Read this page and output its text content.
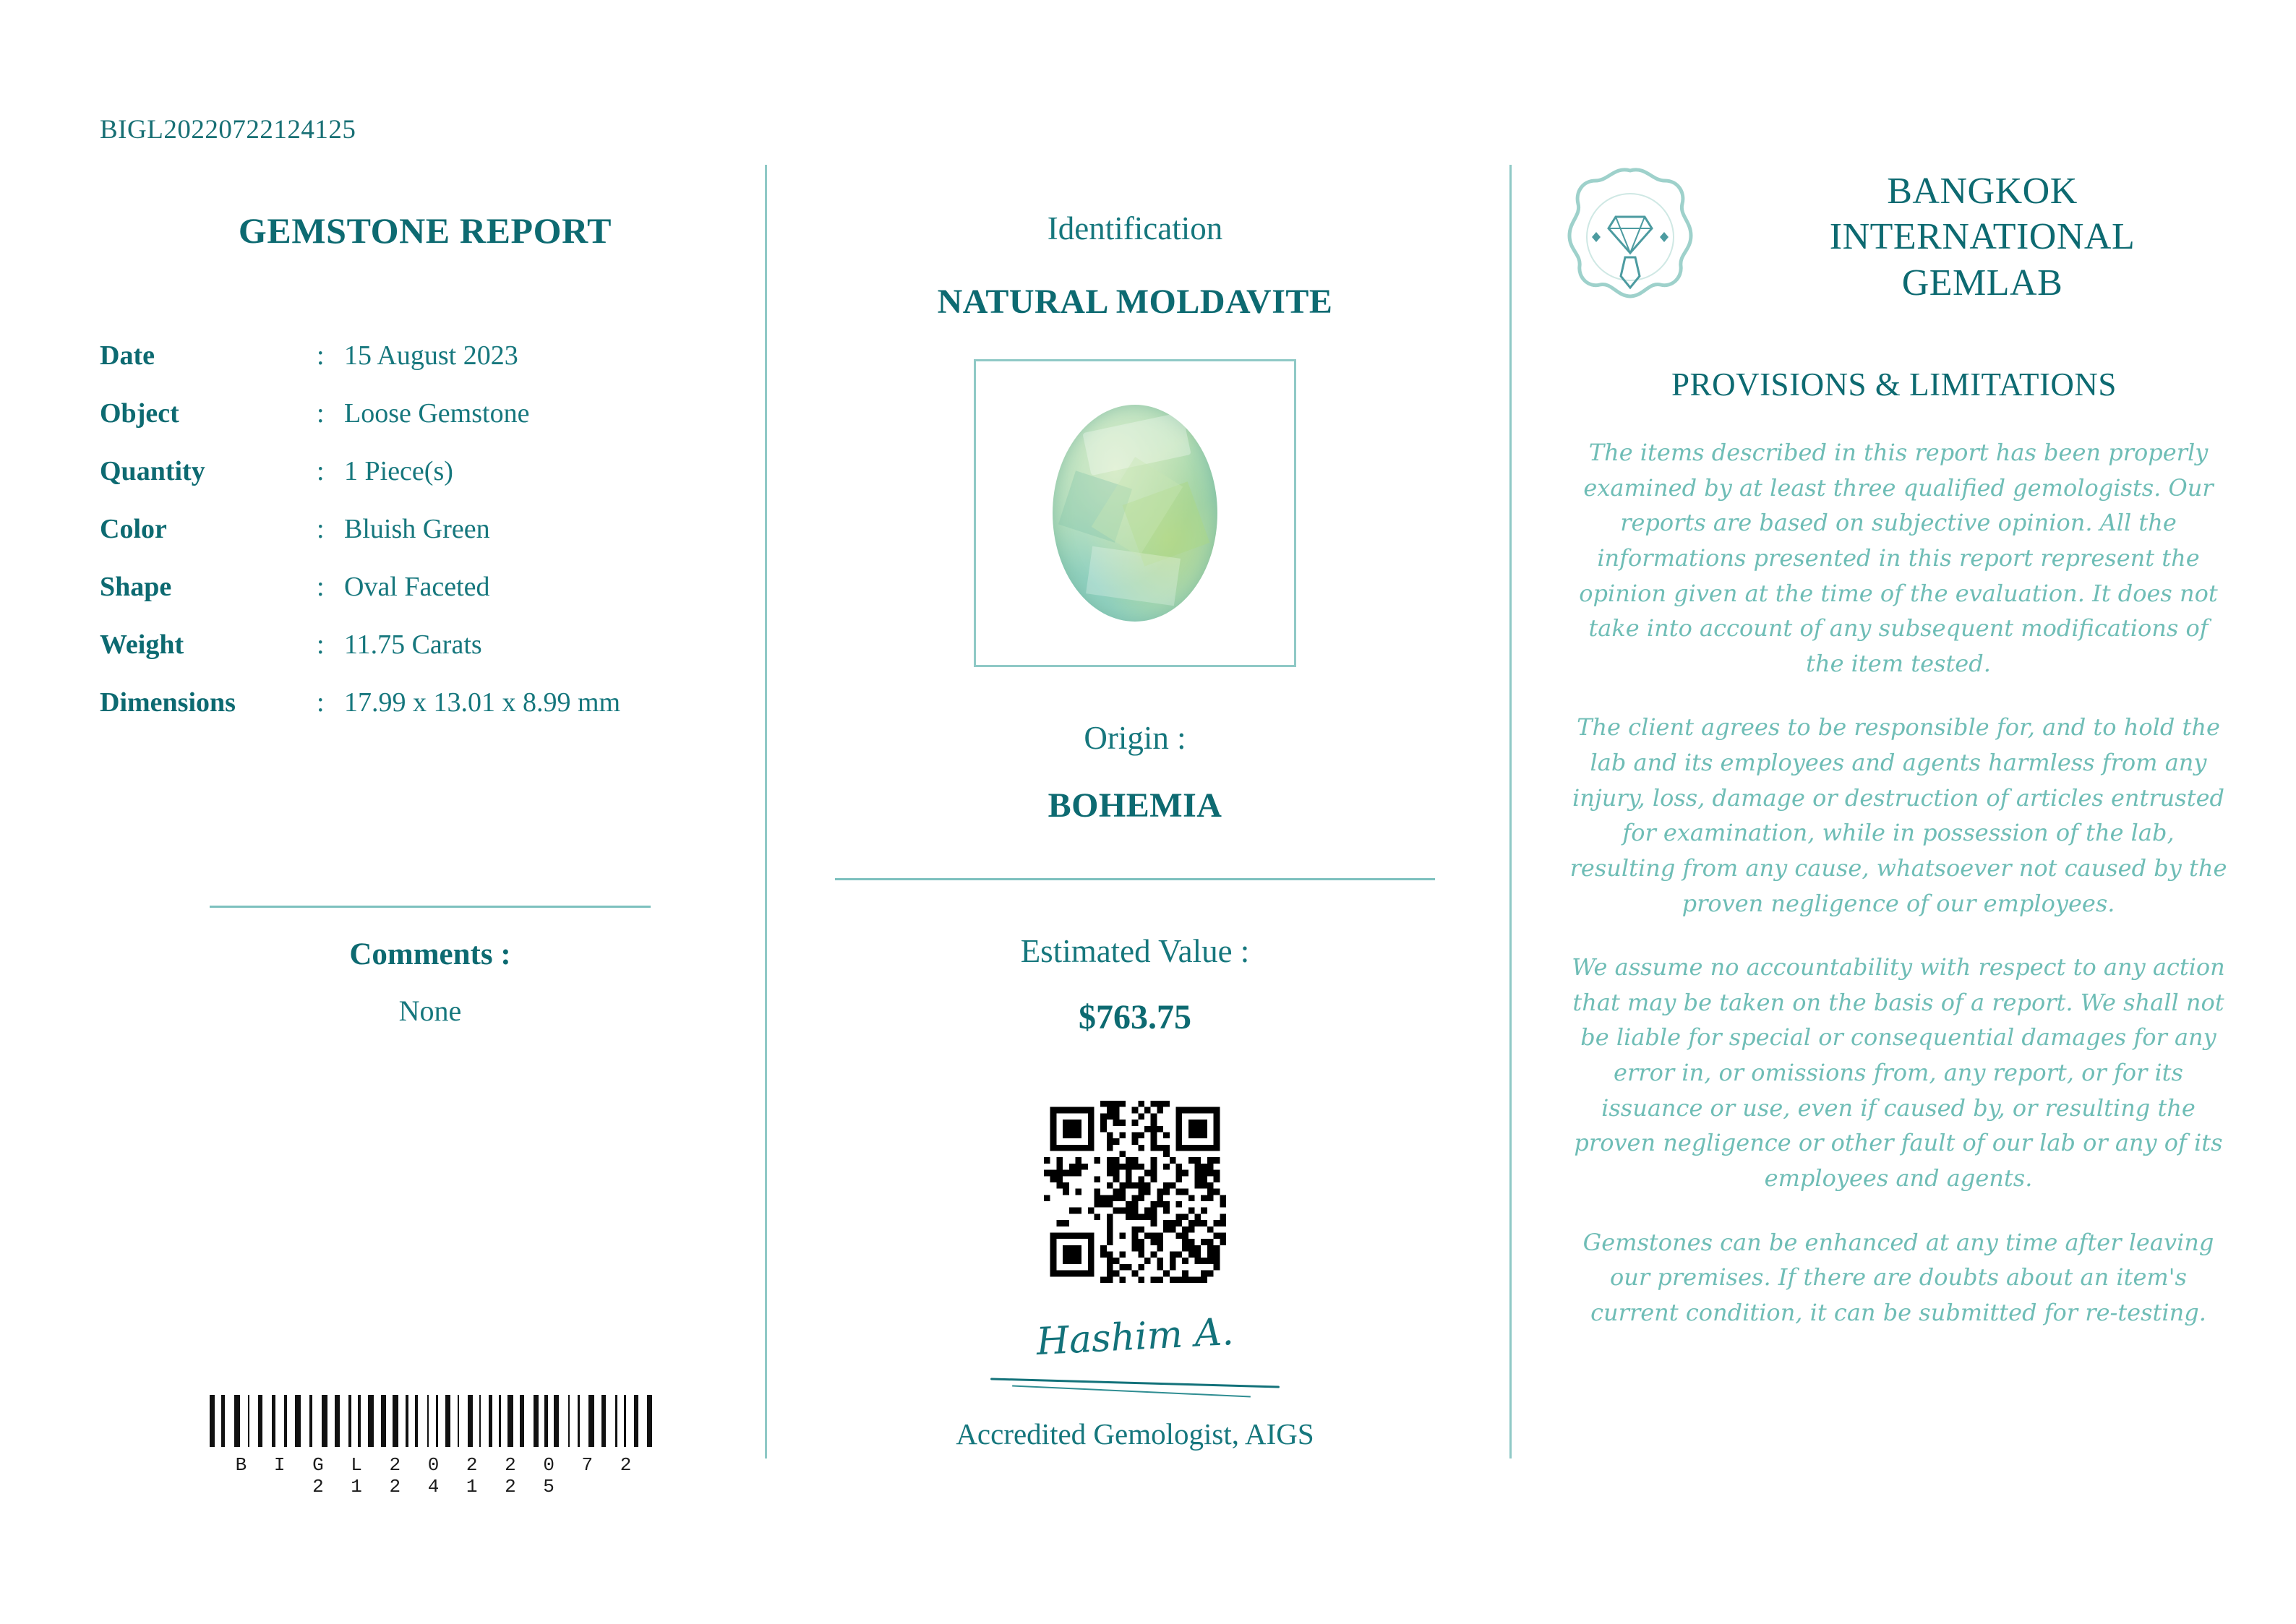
BIGL20220722124125
GEMSTONE REPORT
Date	: 15 August 2023
Object	: Loose Gemstone
Quantity	: 1 Piece(s)
Color	: Bluish Green
Shape	: Oval Faceted
Weight	: 11.75 Carats
Dimensions	: 17.99 x 13.01 x 8.99 mm
Comments :
None
B I G L 2 0 2 2 0 7 2 2 1 2 4 1 2 5
Identification
NATURAL MOLDAVITE
Origin :
BOHEMIA
Estimated Value :
$763.75
Hashim A.
Accredited Gemologist, AIGS
BANGKOK
INTERNATIONAL
GEMLAB
PROVISIONS & LIMITATIONS

The items described in this report has been properly examined by at least three qualified gemologists. Our reports are based on subjective opinion. All the informations presented in this report represent the opinion given at the time of the evaluation. It does not take into account of any subsequent modifications of the item tested.

The client agrees to be responsible for, and to hold the lab and its employees and agents harmless from any injury, loss, damage or destruction of articles entrusted for examination, while in possession of the lab, resulting from any cause, whatsoever not caused by the proven negligence of our employees.

We assume no accountability with respect to any action that may be taken on the basis of a report. We shall not be liable for special or consequential damages for any error in, or omissions from, any report, or for its issuance or use, even if caused by, or resulting the proven negligence or other fault of our lab or any of its employees and agents.

Gemstones can be enhanced at any time after leaving our premises. If there are doubts about an item's current condition, it can be submitted for re-testing.
